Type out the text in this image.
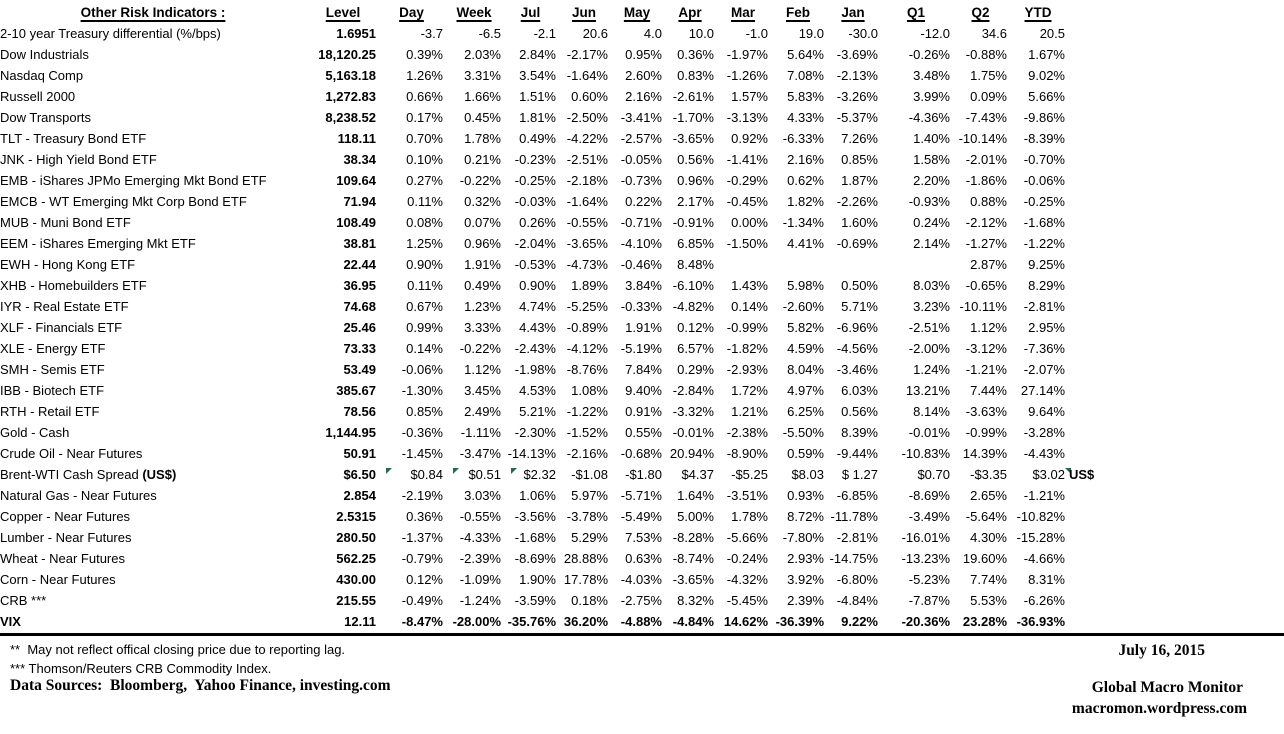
Other Risk Indicators :	Level	Day	Week	Jul	Jun	May	Apr	Mar	Feb	Jan	Q1	Q2	YTD	
2-10 year Treasury differential (%/bps)	1.6951	-3.7	-6.5	-2.1	20.6	4.0	10.0	-1.0	19.0	-30.0	-12.0	34.6	20.5	
Dow Industrials	18,120.25	0.39%	2.03%	2.84%	-2.17%	0.95%	0.36%	-1.97%	5.64%	-3.69%	-0.26%	-0.88%	1.67%	
Nasdaq Comp	5,163.18	1.26%	3.31%	3.54%	-1.64%	2.60%	0.83%	-1.26%	7.08%	-2.13%	3.48%	1.75%	9.02%	
Russell 2000	1,272.83	0.66%	1.66%	1.51%	0.60%	2.16%	-2.61%	1.57%	5.83%	-3.26%	3.99%	0.09%	5.66%	
Dow Transports	8,238.52	0.17%	0.45%	1.81%	-2.50%	-3.41%	-1.70%	-3.13%	4.33%	-5.37%	-4.36%	-7.43%	-9.86%	
TLT - Treasury Bond ETF	118.11	0.70%	1.78%	0.49%	-4.22%	-2.57%	-3.65%	0.92%	-6.33%	7.26%	1.40%	-10.14%	-8.39%	
JNK - High Yield Bond ETF	38.34	0.10%	0.21%	-0.23%	-2.51%	-0.05%	0.56%	-1.41%	2.16%	0.85%	1.58%	-2.01%	-0.70%	
EMB - iShares JPMo Emerging Mkt Bond ETF	109.64	0.27%	-0.22%	-0.25%	-2.18%	-0.73%	0.96%	-0.29%	0.62%	1.87%	2.20%	-1.86%	-0.06%	
EMCB - WT Emerging Mkt Corp Bond ETF	71.94	0.11%	0.32%	-0.03%	-1.64%	0.22%	2.17%	-0.45%	1.82%	-2.26%	-0.93%	0.88%	-0.25%	
MUB - Muni Bond ETF	108.49	0.08%	0.07%	0.26%	-0.55%	-0.71%	-0.91%	0.00%	-1.34%	1.60%	0.24%	-2.12%	-1.68%	
EEM - iShares Emerging Mkt ETF	38.81	1.25%	0.96%	-2.04%	-3.65%	-4.10%	6.85%	-1.50%	4.41%	-0.69%	2.14%	-1.27%	-1.22%	
EWH - Hong Kong ETF	22.44	0.90%	1.91%	-0.53%	-4.73%	-0.46%	8.48%					2.87%	9.25%	
XHB - Homebuilders ETF	36.95	0.11%	0.49%	0.90%	1.89%	3.84%	-6.10%	1.43%	5.98%	0.50%	8.03%	-0.65%	8.29%	
IYR - Real Estate ETF	74.68	0.67%	1.23%	4.74%	-5.25%	-0.33%	-4.82%	0.14%	-2.60%	5.71%	3.23%	-10.11%	-2.81%	
XLF - Financials ETF	25.46	0.99%	3.33%	4.43%	-0.89%	1.91%	0.12%	-0.99%	5.82%	-6.96%	-2.51%	1.12%	2.95%	
XLE - Energy ETF	73.33	0.14%	-0.22%	-2.43%	-4.12%	-5.19%	6.57%	-1.82%	4.59%	-4.56%	-2.00%	-3.12%	-7.36%	
SMH - Semis ETF	53.49	-0.06%	1.12%	-1.98%	-8.76%	7.84%	0.29%	-2.93%	8.04%	-3.46%	1.24%	-1.21%	-2.07%	
IBB - Biotech ETF	385.67	-1.30%	3.45%	4.53%	1.08%	9.40%	-2.84%	1.72%	4.97%	6.03%	13.21%	7.44%	27.14%	
RTH - Retail ETF	78.56	0.85%	2.49%	5.21%	-1.22%	0.91%	-3.32%	1.21%	6.25%	0.56%	8.14%	-3.63%	9.64%	
Gold - Cash	1,144.95	-0.36%	-1.11%	-2.30%	-1.52%	0.55%	-0.01%	-2.38%	-5.50%	8.39%	-0.01%	-0.99%	-3.28%	
Crude Oil - Near Futures	50.91	-1.45%	-3.47%	-14.13%	-2.16%	-0.68%	20.94%	-8.90%	0.59%	-9.44%	-10.83%	14.39%	-4.43%	
Brent-WTI Cash Spread (US$)	$6.50	$0.84	$0.51	$2.32	-$1.08	-$1.80	$4.37	-$5.25	$8.03	$ 1.27	$0.70	-$3.35	$3.02	US$
Natural Gas - Near Futures	2.854	-2.19%	3.03%	1.06%	5.97%	-5.71%	1.64%	-3.51%	0.93%	-6.85%	-8.69%	2.65%	-1.21%	
Copper - Near Futures	2.5315	0.36%	-0.55%	-3.56%	-3.78%	-5.49%	5.00%	1.78%	8.72%	-11.78%	-3.49%	-5.64%	-10.82%	
Lumber - Near Futures	280.50	-1.37%	-4.33%	-1.68%	5.29%	7.53%	-8.28%	-5.66%	-7.80%	-2.81%	-16.01%	4.30%	-15.28%	
Wheat - Near Futures	562.25	-0.79%	-2.39%	-8.69%	28.88%	0.63%	-8.74%	-0.24%	2.93%	-14.75%	-13.23%	19.60%	-4.66%	
Corn - Near Futures	430.00	0.12%	-1.09%	1.90%	17.78%	-4.03%	-3.65%	-4.32%	3.92%	-6.80%	-5.23%	7.74%	8.31%	
CRB ***	215.55	-0.49%	-1.24%	-3.59%	0.18%	-2.75%	8.32%	-5.45%	2.39%	-4.84%	-7.87%	5.53%	-6.26%	
VIX	12.11	-8.47%	-28.00%	-35.76%	36.20%	-4.88%	-4.84%	14.62%	-36.39%	9.22%	-20.36%	23.28%	-36.93%	
**  May not reflect offical closing price due to reporting lag.
*** Thomson/Reuters CRB Commodity Index.
Data Sources:  Bloomberg,  Yahoo Finance, investing.com
July 16, 2015
Global Macro Monitor
macromon.wordpress.com
